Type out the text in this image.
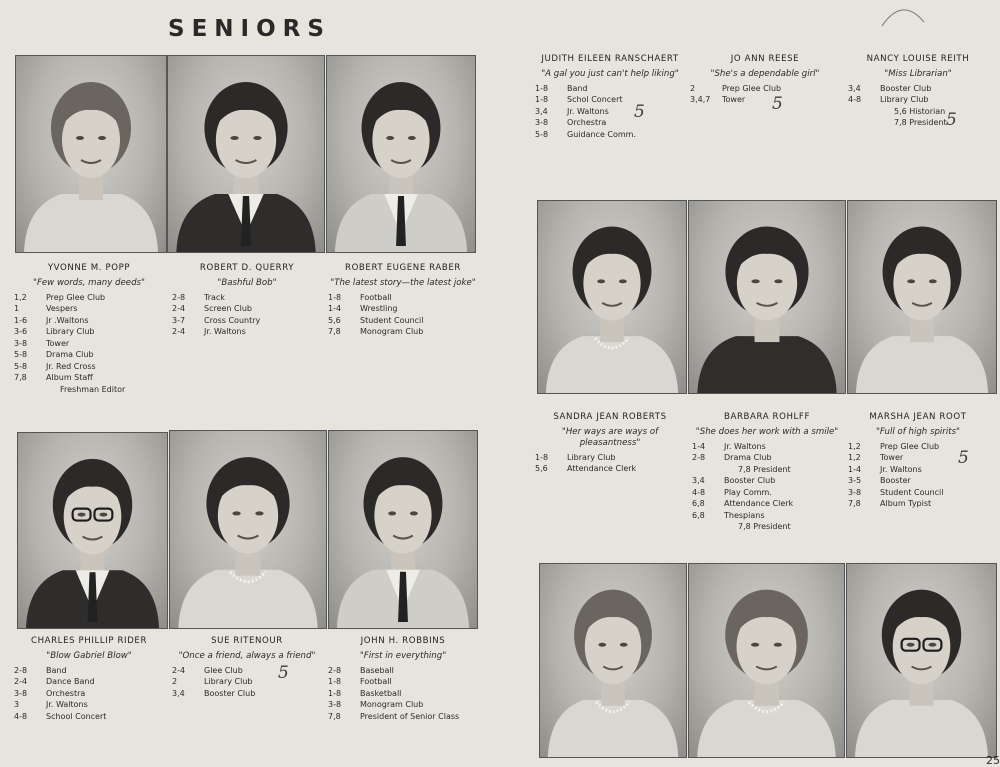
SENIORS
YVONNE M. POPP
"Few words, many deeds"
1,2	Prep Glee Club
1	Vespers
1-6	Jr .Waltons
3-6	Library Club
3-8	Tower
5-8	Drama Club
5-8	Jr. Red Cross
7,8	Album Staff
Freshman Editor
ROBERT D. QUERRY
"Bashful Bob"
2-8	Track
2-4	Screen Club
3-7	Cross Country
2-4	Jr. Waltons
ROBERT EUGENE RABER
"The latest story—the latest joke"
1-8	Football
1-4	Wrestling
5,6	Student Council
7,8	Monogram Club
JUDITH EILEEN RANSCHAERT
"A gal you just can't help liking"
1-8	Band
1-8	Schol Concert
3,4	Jr. Waltons
3-8	Orchestra
5-8	Guidance Comm.
JO ANN REESE
"She's a dependable girl"
2	Prep Glee Club
3,4,7	Tower
NANCY LOUISE REITH
"Miss Librarian"
3,4	Booster Club
4-8	Library Club
5,6 Historian
7,8 President
SANDRA JEAN ROBERTS
"Her ways are ways of pleasantness"
1-8	Library Club
5,6	Attendance Clerk
BARBARA ROHLFF
"She does her work with a smile"
1-4	Jr. Waltons
2-8	Drama Club
7,8 President
3,4	Booster Club
4-8	Play Comm.
6,8	Attendance Clerk
6,8	Thespians
7,8 President
MARSHA JEAN ROOT
"Full of high spirits"
1,2	Prep Glee Club
1,2	Tower
1-4	Jr. Waltons
3-5	Booster
3-8	Student Council
7,8	Album Typist
CHARLES PHILLIP RIDER
"Blow Gabriel Blow"
2-8	Band
2-4	Dance Band
3-8	Orchestra
3	Jr. Waltons
4-8	School Concert
SUE RITENOUR
"Once a friend, always a friend"
2-4	Glee Club
2	Library Club
3,4	Booster Club
JOHN H. ROBBINS
"First in everything"
2-8	Baseball
1-8	Football
1-8	Basketball
3-8	Monogram Club
7,8	President of Senior Class
5	5
5
5
5
25
